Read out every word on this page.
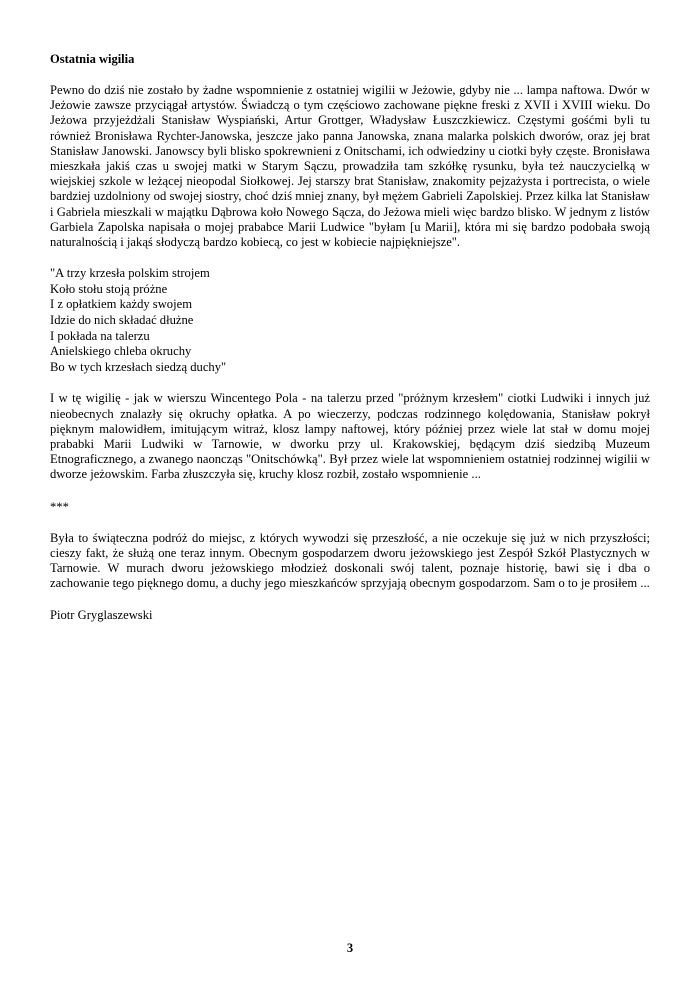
Ostatnia wigilia
Pewno do dziś nie zostało by żadne wspomnienie z ostatniej wigilii w Jeżowie, gdyby nie ... lampa naftowa. Dwór w Jeżowie zawsze przyciągał artystów. Świadczą o tym częściowo zachowane piękne freski z XVII i XVIII wieku. Do Jeżowa przyjeżdżali Stanisław Wyspiański, Artur Grottger, Władysław Łuszczkiewicz. Częstymi gośćmi byli tu również Bronisława Rychter-Janowska, jeszcze jako panna Janowska, znana malarka polskich dworów, oraz jej brat Stanisław Janowski. Janowscy byli blisko spokrewnieni z Onitschami, ich odwiedziny u ciotki były częste. Bronisława mieszkała jakiś czas u swojej matki w Starym Sączu, prowadziła tam szkółkę rysunku, była też nauczycielką w wiejskiej szkole w leżącej nieopodal Siołkowej. Jej starszy brat Stanisław, znakomity pejzażysta i portrecista, o wiele bardziej uzdolniony od swojej siostry, choć dziś mniej znany, był mężem Gabrieli Zapolskiej. Przez kilka lat Stanisław i Gabriela mieszkali w majątku Dąbrowa koło Nowego Sącza, do Jeżowa mieli więc bardzo blisko. W jednym z listów Garbiela Zapolska napisała o mojej prababce Marii Ludwice "byłam [u Marii], która mi się bardzo podobała swoją naturalnością i jakąś słodyczą bardzo kobiecą, co jest w kobiecie najpiękniejsze".
"A trzy krzesła polskim strojem
Koło stołu stoją próżne
I z opłatkiem każdy swojem
Idzie do nich składać dłużne
I pokłada na talerzu
Anielskiego chleba okruchy
Bo w tych krzesłach siedzą duchy"
I w tę wigilię - jak w wierszu Wincentego Pola - na talerzu przed "próżnym krzesłem" ciotki Ludwiki i innych już nieobecnych znalazły się okruchy opłatka. A po wieczerzy, podczas rodzinnego kolędowania, Stanisław pokrył pięknym malowidłem, imitującym witraż, klosz lampy naftowej, który później przez wiele lat stał w domu mojej prababki Marii Ludwiki w Tarnowie, w dworku przy ul. Krakowskiej, będącym dziś siedzibą Muzeum Etnograficznego, a zwanego naoncząs "Onitschówką". Był przez wiele lat wspomnieniem ostatniej rodzinnej wigilii w dworze jeżowskim. Farba złuszczyła się, kruchy klosz rozbił, zostało wspomnienie ...
***
Była to świąteczna podróż do miejsc, z których wywodzi się przeszłość, a nie oczekuje się już w nich przyszłości; cieszy fakt, że służą one teraz innym. Obecnym gospodarzem dworu jeżowskiego jest Zespół Szkół Plastycznych w Tarnowie. W murach dworu jeżowskiego młodzież doskonali swój talent, poznaje historię, bawi się i dba o zachowanie tego pięknego domu, a duchy jego mieszkańców sprzyjają obecnym gospodarzom. Sam o to je prosiłem ...
Piotr Gryglaszewski
3
